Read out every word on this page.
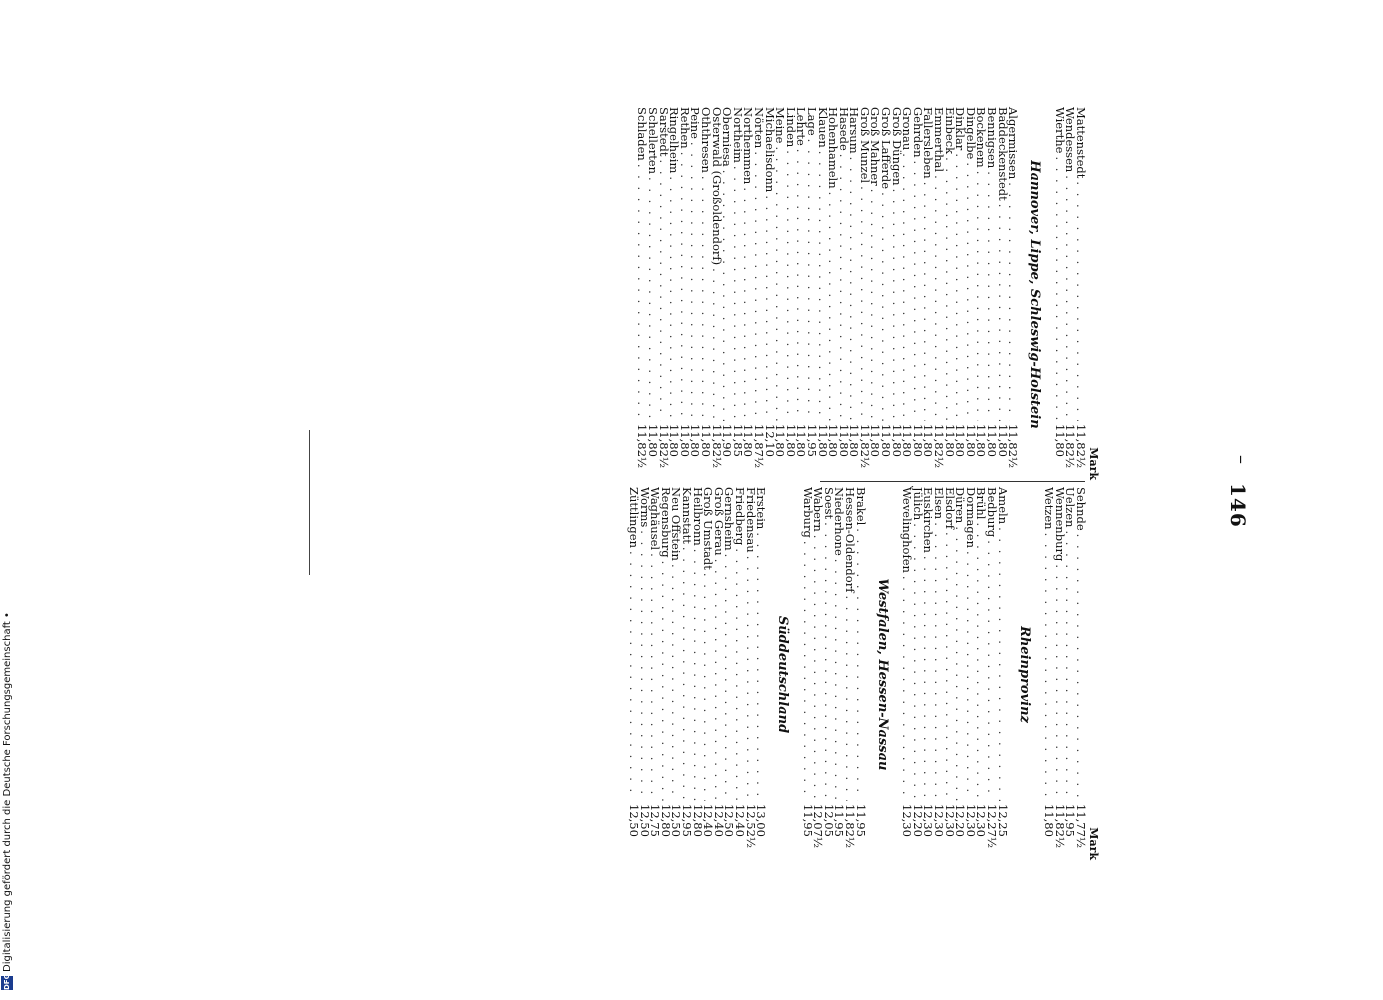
–
146
Mark
Sehnde
. . .
11,77½
Uelzen
. . .
11,95
Wennenburg
. . .
11,82½
Wetzen
. . .
11,80
Rheinprovinz
Ameln
. . .
12,25
Bedburg
. . .
12,27½
Brühl
. . .
12,30
Dormagen
. . .
12,30
Düren
. . .
12,20
Elsdorf
. . .
12,30
Elsen
. . .
12,30
Euskirchen
. . .
12,30
Jülich
. . .
12,20
Wevelinghofen
. . .
12,30
Westfalen, Hessen-Nassau
Brakel
. . .
11,95
Hessen-Oldendorf
. . .
11,82½
Niederhone
. . .
11,95
Soest
. . .
12,05
Wabern
. . .
12,07½
Warburg
. . .
11,95
Süddeutschland
Erstein
. . .
13,00
Friedensau
. . .
12,52½
Friedberg
. . .
12,40
Gernsheim
. . .
12,50
Groß Gerau
. . .
12,40
Groß Umstadt
. . .
12,40
Heilbronn
. . .
12,80
Kannstatt
. . .
12,95
Neu Offstein
. . .
12,50
Regensburg
. . .
12,80
Waghäusel
. . .
12,75
Worms
. . .
12,50
Züttlingen
. . .
12,50
Mark
Mattenstedt
. . .
11,82½
Wendessen
. . .
11,82½
Wierthe
. . .
11,80
Hannover, Lippe, Schleswig-Holstein
Algermissen
. . .
11,82½
Baddeckenstedt
. . .
11,80
Bennigsen
. . .
11,80
Bockenem
. . .
11,80
Dingelbe
. . .
11,80
Dinklar
. . .
11,80
Einbeck
. . .
11,80
Emmerthal
. . .
11,82½
Fallersleben
. . .
11,80
Gehrden
. . .
11,80
Gronau
. . .
11,80
Groß Düngen
. . .
11,80
Groß Lafferde
. . .
11,80
Groß Mahner
. . .
11,80
Groß Munzel
. . .
11,82½
Harsum
. . .
11,80
Hasede
. . .
11,80
Hohenhameln
. . .
11,80
Klauen
. . .
11,80
Lage
. . .
11,95
Lehrte
. . .
11,80
Linden
. . .
11,80
Meine
. . .
11,80
Michaelisdonn
. . .
12,10
Nörten
. . .
11,87½
Northemmen
. . .
11,80
Northeim
. . .
11,85
Oberniesa
. . .
11,90
Osterwald (Großoldendorf)
. . .
11,82½
Oththresen
. . .
11,80
Peine
. . .
11,80
Rethen
. . .
11,80
Ringelheim
. . .
11,80
Sarstedt
. . .
11,82½
Schellerten
. . .
11,80
Schladen
. . .
11,82½
DFGDigitalisierung gefördert durch die Deutsche Forschungsgemeinschaft •
